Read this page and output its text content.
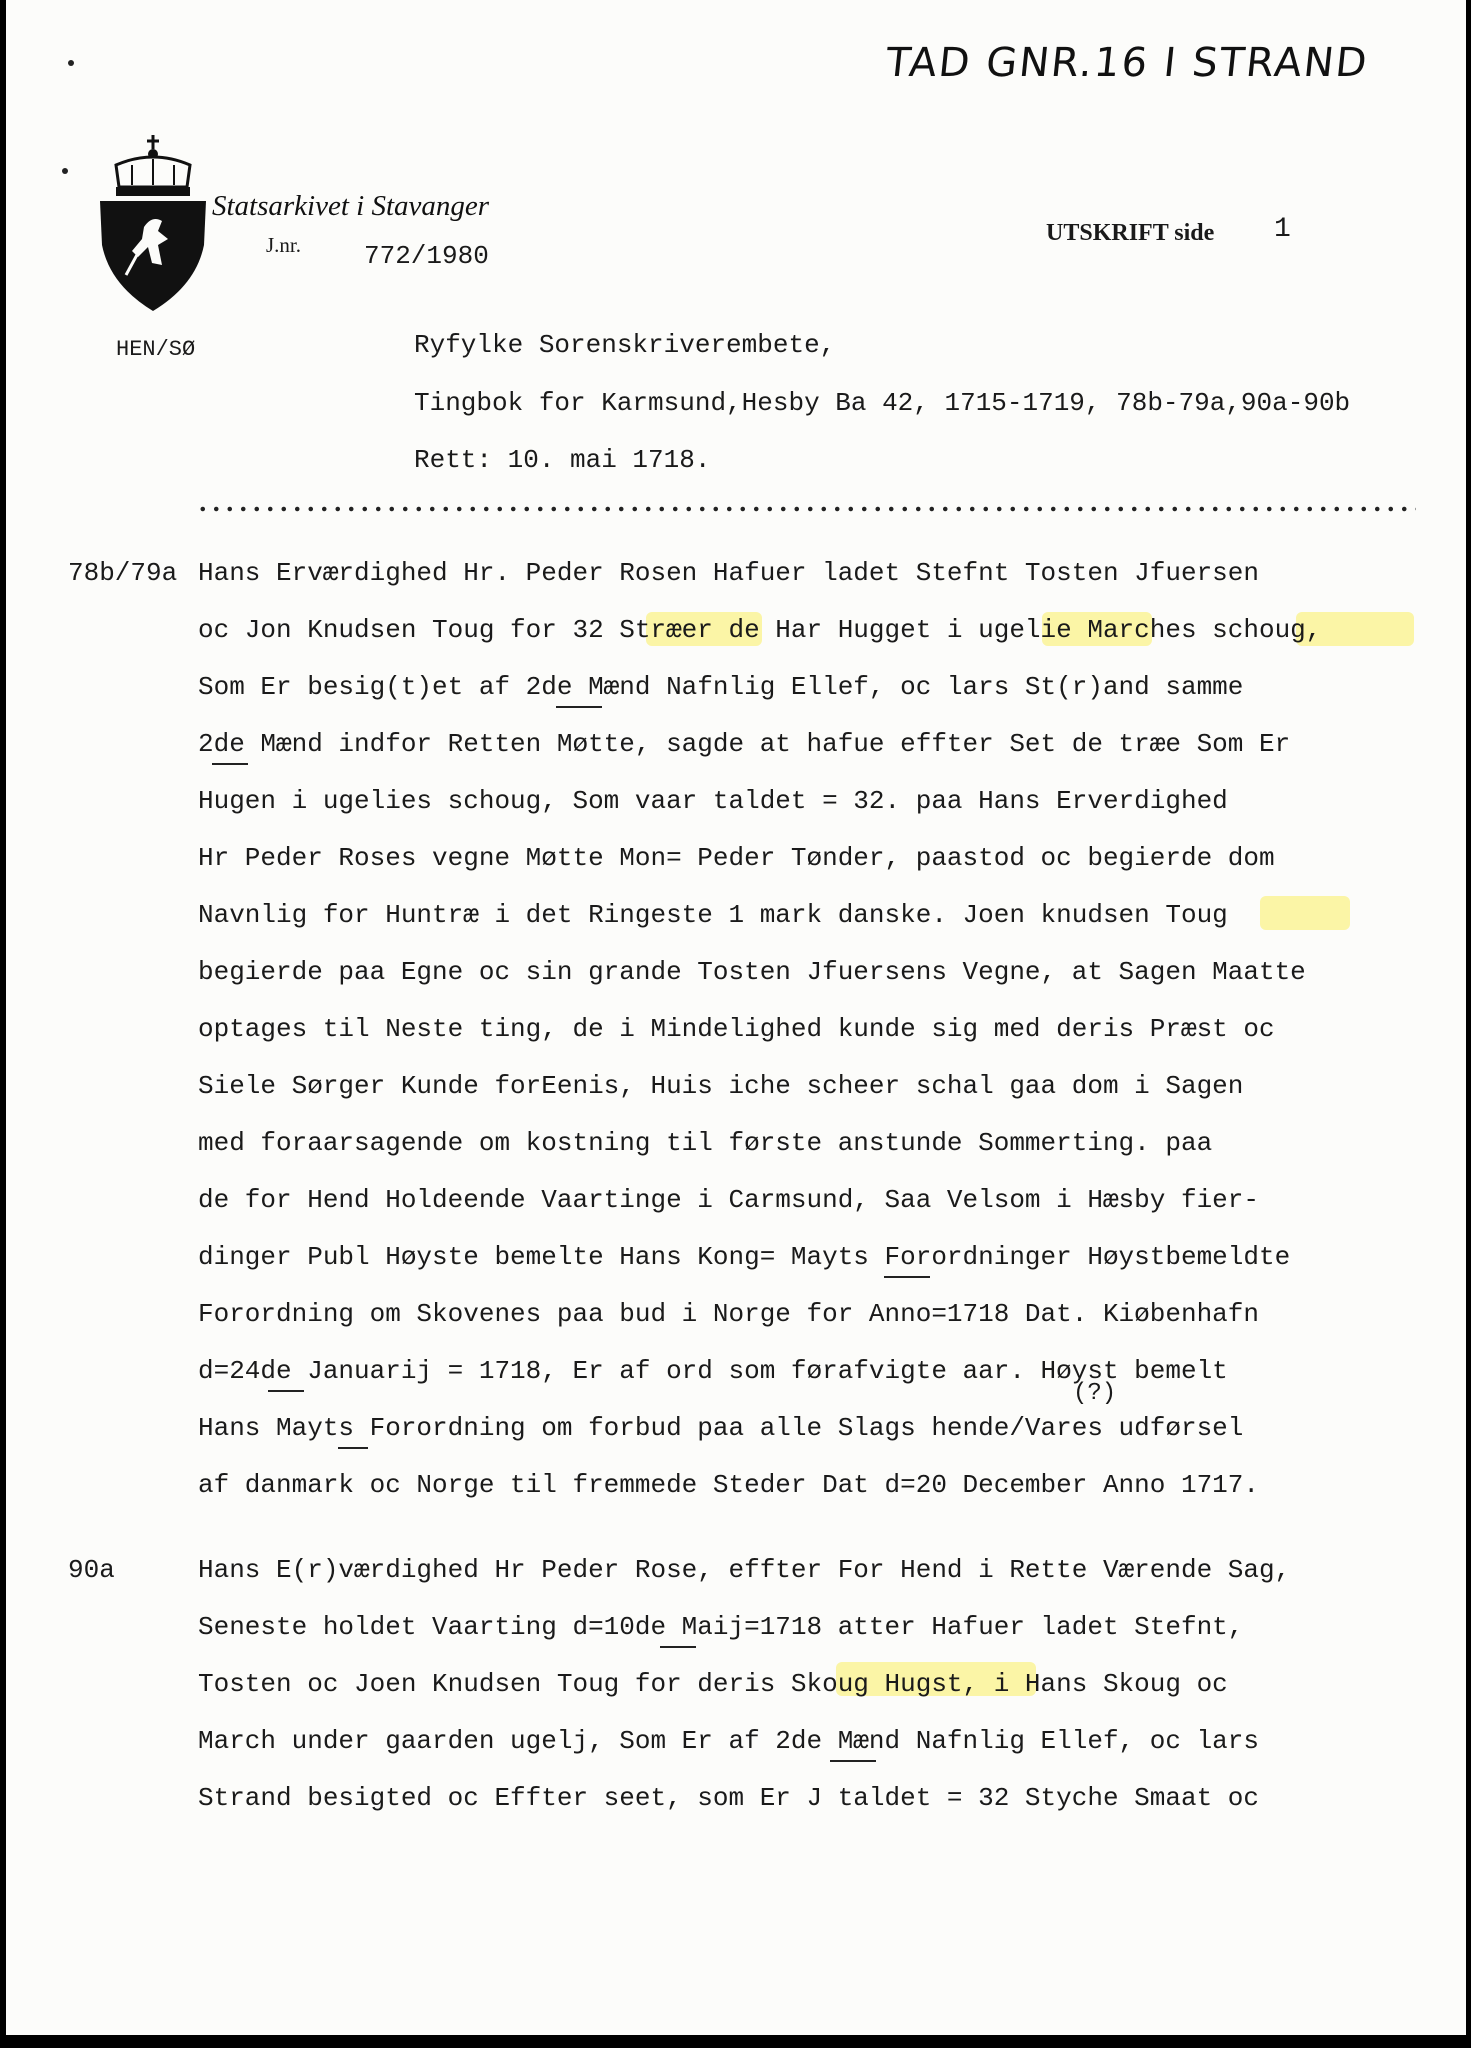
TAD GNR.16 I STRAND
Statsarkivet i Stavanger
J.nr. 772/1980
UTSKRIFT side 1
HEN/SØ	Ryfylke Sorenskriverembete,
Tingbok for Karmsund,Hesby Ba 42, 1715-1719, 78b-79a,90a-90b
Rett: 10. mai 1718.
78b/79a Hans Erværdighed Hr. Peder Rosen Hafuer ladet Stefnt Tosten Jfuersen
oc Jon Knudsen Toug for 32 Stræer de Har Hugget i ugelie Marches schoug,
Som Er besig(t)et af 2de Mænd Nafnlig Ellef, oc lars St(r)and samme
2de Mænd indfor Retten Møtte, sagde at hafue effter Set de træe Som Er
Hugen i ugelies schoug, Som vaar taldet = 32. paa Hans Erverdighed
Hr Peder Roses vegne Møtte Mon= Peder Tønder, paastod oc begierde dom
Navnlig for Huntræ i det Ringeste 1 mark danske. Joen knudsen Toug
begierde paa Egne oc sin grande Tosten Jfuersens Vegne, at Sagen Maatte
optages til Neste ting, de i Mindelighed kunde sig med deris Præst oc
Siele Sørger Kunde forEenis, Huis iche scheer schal gaa dom i Sagen
med foraarsagende om kostning til første anstunde Sommerting. paa
de for Hend Holdeende Vaartinge i Carmsund, Saa Velsom i Hæsby fier-
dinger Publ Høyste bemelte Hans Kong= Mayts Forordninger Høystbemeldte
Forordning om Skovenes paa bud i Norge for Anno=1718 Dat. Kiøbenhafn
d=24de Januarij = 1718, Er af ord som førafvigte aar. Høyst bemelt
Hans Mayts Forordning om forbud paa alle Slags hende/Vares udførsel
af danmark oc Norge til fremmede Steder Dat d=20 December Anno 1717.
(?)
90a	Hans E(r)værdighed Hr Peder Rose, effter For Hend i Rette Værende Sag,
Seneste holdet Vaarting d=10de Maij=1718 atter Hafuer ladet Stefnt,
Tosten oc Joen Knudsen Toug for deris Skoug Hugst, i Hans Skoug oc
March under gaarden ugelj, Som Er af 2de Mænd Nafnlig Ellef, oc lars
Strand besigted oc Effter seet, som Er J taldet = 32 Styche Smaat oc
